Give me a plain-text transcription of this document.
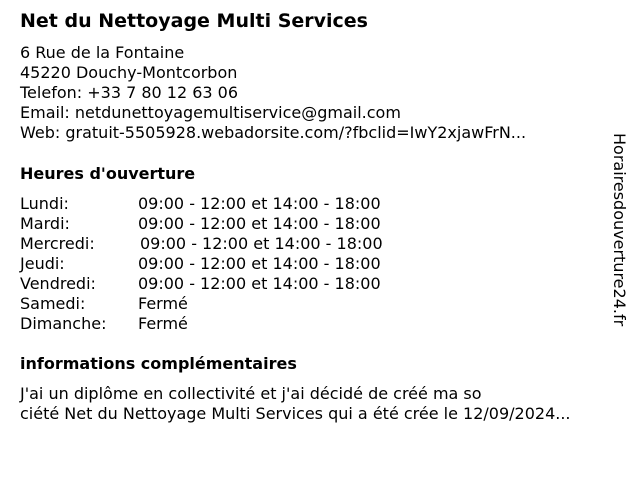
Net du Nettoyage Multi Services
6 Rue de la Fontaine
45220 Douchy-Montcorbon
Telefon: +33 7 80 12 63 06
Email: netdunettoyagemultiservice@gmail.com
Web: gratuit-5505928.webadorsite.com/?fbclid=IwY2xjawFrN...
Heures d'ouverture
Lundi:	09:00 - 12:00 et 14:00 - 18:00
Mardi:	09:00 - 12:00 et 14:00 - 18:00
Mercredi:	09:00 - 12:00 et 14:00 - 18:00
Jeudi:	09:00 - 12:00 et 14:00 - 18:00
Vendredi:	09:00 - 12:00 et 14:00 - 18:00
Samedi:	Fermé
Dimanche: Fermé
informations complémentaires
J'ai un diplôme en collectivité et j'ai décidé de créé ma so
ciété Net du Nettoyage Multi Services qui a été crée le 12/09/2024...
Horairesdouverture24.fr
